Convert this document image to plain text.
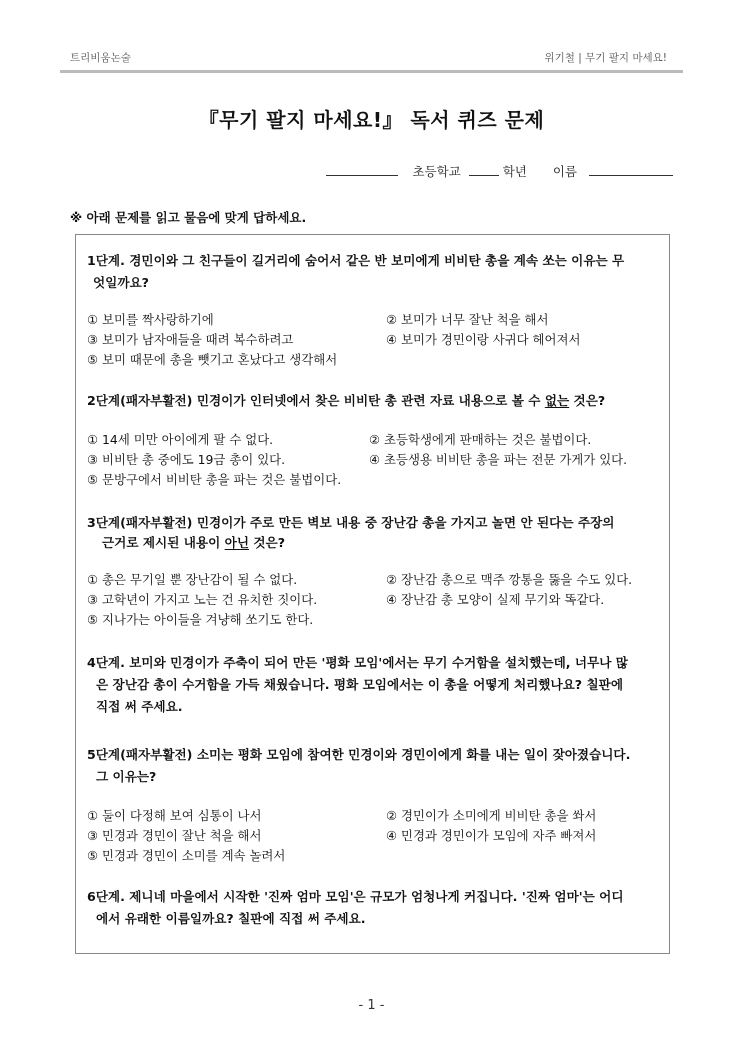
트리비움논술	위기철 | 무기 팔지 마세요!
『무기 팔지 마세요!』 독서 퀴즈 문제
초등학교	학년 이름
※ 아래 문제를 읽고 물음에 맞게 답하세요.
1단계. 경민이와 그 친구들이 길거리에 숨어서 같은 반 보미에게 비비탄 총을 계속 쏘는 이유는 무
엇일까요?
① 보미를 짝사랑하기에	② 보미가 너무 잘난 척을 해서
③ 보미가 남자애들을 때려 복수하려고	④ 보미가 경민이랑 사귀다 헤어져서
⑤ 보미 때문에 총을 뺏기고 혼났다고 생각해서
2단계(패자부활전) 민경이가 인터넷에서 찾은 비비탄 총 관련 자료 내용으로 볼 수 없는 것은?
① 14세 미만 아이에게 팔 수 없다.	② 초등학생에게 판매하는 것은 불법이다.
③ 비비탄 총 중에도 19금 총이 있다.	④ 초등생용 비비탄 총을 파는 전문 가게가 있다.
⑤ 문방구에서 비비탄 총을 파는 것은 불법이다.
3단계(패자부활전) 민경이가 주로 만든 벽보 내용 중 장난감 총을 가지고 놀면 안 된다는 주장의
근거로 제시된 내용이 아닌 것은?
① 총은 무기일 뿐 장난감이 될 수 없다.	② 장난감 총으로 맥주 깡통을 뚫을 수도 있다.
③ 고학년이 가지고 노는 건 유치한 짓이다.	④ 장난감 총 모양이 실제 무기와 똑같다.
⑤ 지나가는 아이들을 겨냥해 쏘기도 한다.
4단계. 보미와 민경이가 주축이 되어 만든 '평화 모임'에서는 무기 수거함을 설치했는데, 너무나 많
은 장난감 총이 수거함을 가득 채웠습니다. 평화 모임에서는 이 총을 어떻게 처리했나요? 칠판에
직접 써 주세요.
5단계(패자부활전) 소미는 평화 모임에 참여한 민경이와 경민이에게 화를 내는 일이 잦아졌습니다.
그 이유는?
① 둘이 다정해 보여 심통이 나서	② 경민이가 소미에게 비비탄 총을 쏴서
③ 민경과 경민이 잘난 척을 해서	④ 민경과 경민이가 모임에 자주 빠져서
⑤ 민경과 경민이 소미를 계속 놀려서
6단계. 제니네 마을에서 시작한 '진짜 엄마 모임'은 규모가 엄청나게 커집니다. '진짜 엄마'는 어디
에서 유래한 이름일까요? 칠판에 직접 써 주세요.
- 1 -
